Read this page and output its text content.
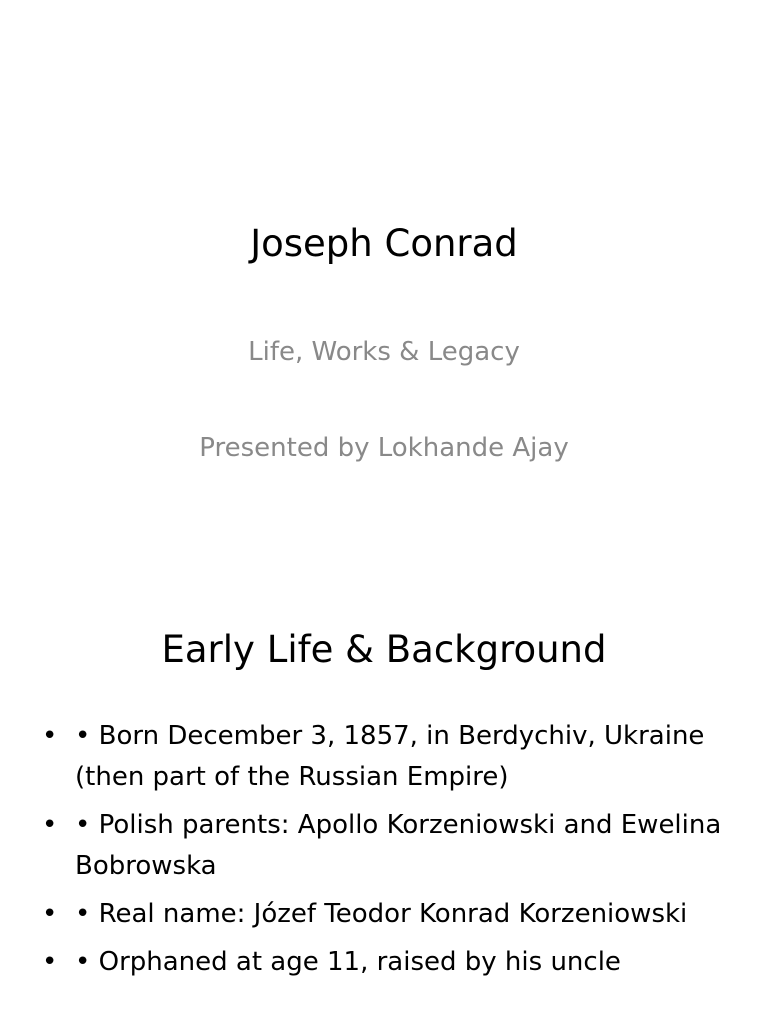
Joseph Conrad
Life, Works & Legacy
Presented by Lokhande Ajay
Early Life & Background
• • Born December 3, 1857, in Berdychiv, Ukraine (then part of the Russian Empire)
• • Polish parents: Apollo Korzeniowski and Ewelina Bobrowska
• • Real name: Józef Teodor Konrad Korzeniowski
• • Orphaned at age 11, raised by his uncle
